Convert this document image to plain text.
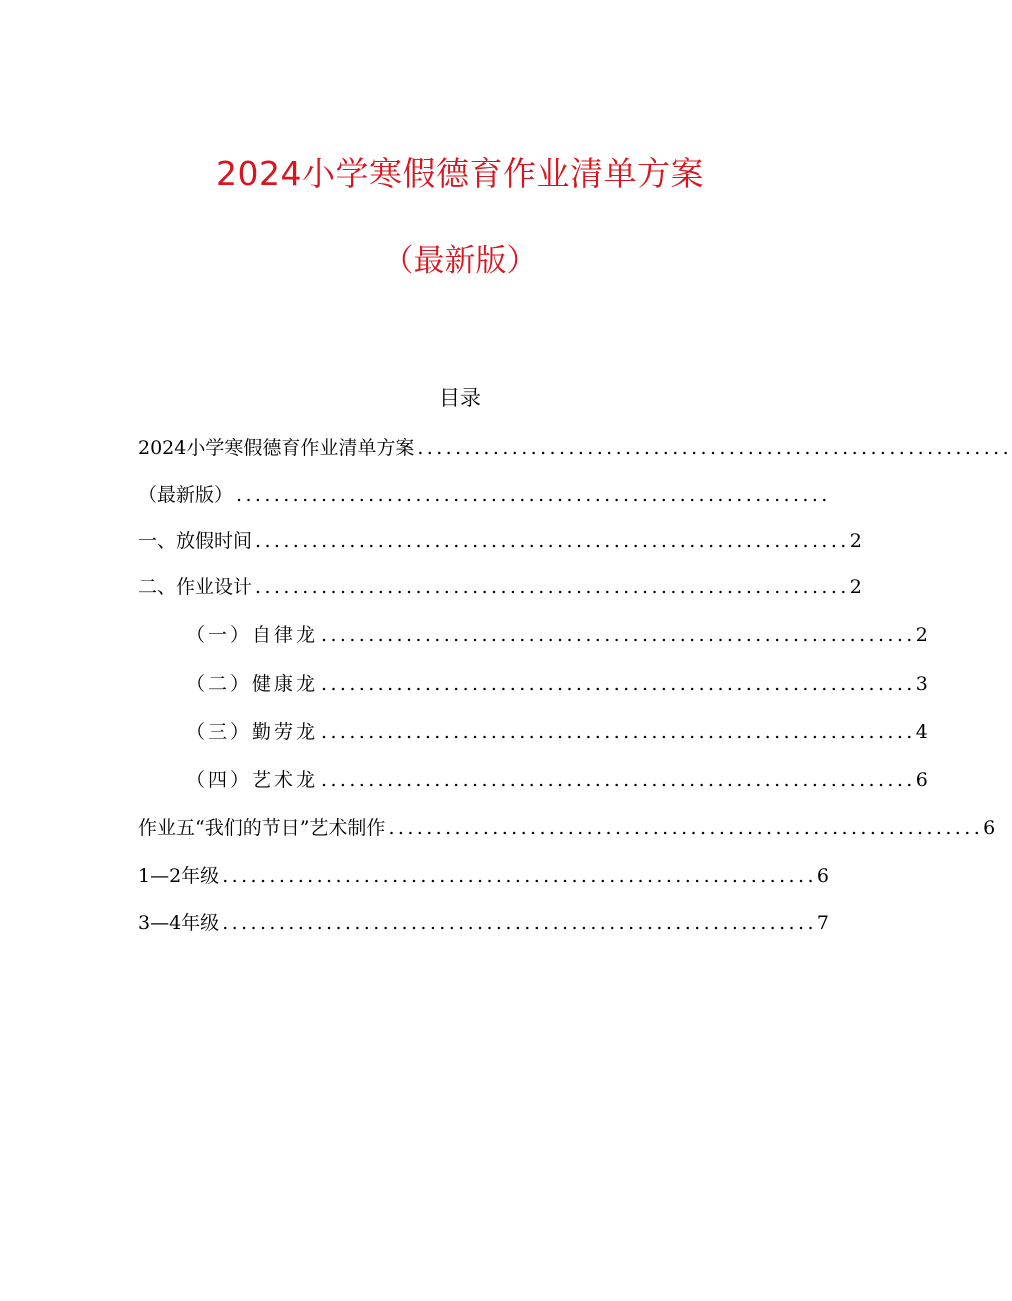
2024小学寒假德育作业清单方案
（最新版）
目录
2024小学寒假德育作业清单方案 ...............................................................
（最新版） ...............................................................
一、放假时间 ............................................................... 2
二、作业设计 ............................................................... 2
（一）自律龙 ............................................................... 2
（二）健康龙 ............................................................... 3
（三）勤劳龙 ............................................................... 4
（四）艺术龙 ............................................................... 6
作业五“我们的节日”艺术制作 ............................................................... 6
1—2年级 ............................................................... 6
3—4年级 ............................................................... 7
